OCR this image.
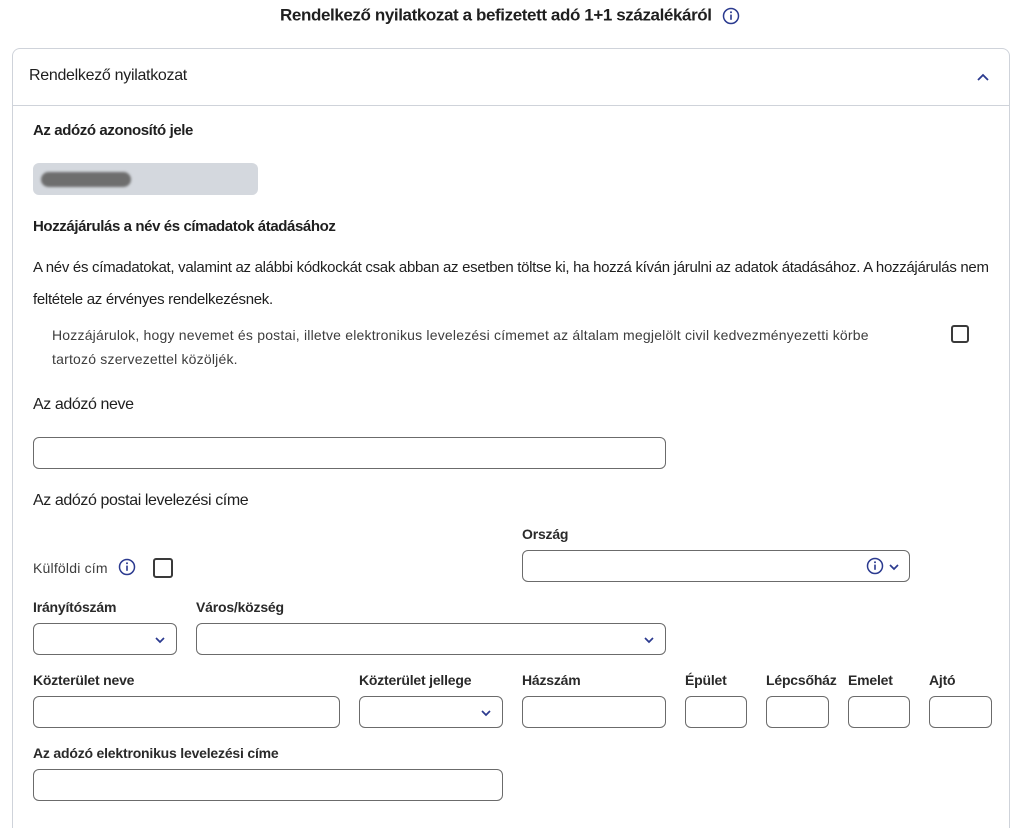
Rendelkező nyilatkozat a befizetett adó 1+1 százalékáról
Rendelkező nyilatkozat
Az adózó azonosító jele
Hozzájárulás a név és címadatok átadásához
A név és címadatokat, valamint az alábbi kódkockát csak abban az esetben töltse ki, ha hozzá kíván járulni az adatok átadásához. A hozzájárulás nem feltétele az érvényes rendelkezésnek.
Hozzájárulok, hogy nevemet és postai, illetve elektronikus levelezési címemet az általam megjelölt civil kedvezményezetti körbe tartozó szervezettel közöljék.
Az adózó neve
Az adózó postai levelezési címe
Külföldi cím
Ország
Irányítószám	Város/község
Közterület neve	Közterület jellege	Házszám	Épület	Lépcsőház Emelet	Ajtó
Az adózó elektronikus levelezési címe
